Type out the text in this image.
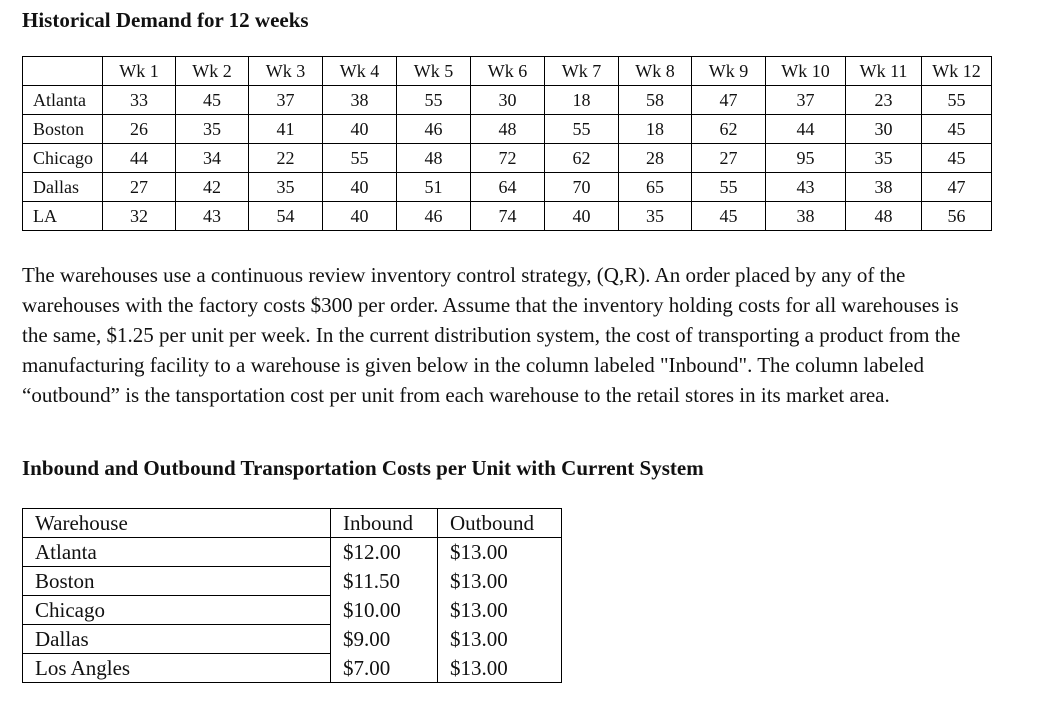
Historical Demand for 12 weeks
	Wk 1	Wk 2	Wk 3	Wk 4	Wk 5	Wk 6	Wk 7	Wk 8	Wk 9	Wk 10	Wk 11	Wk 12
Atlanta	33	45	37	38	55	30	18	58	47	37	23	55
Boston	26	35	41	40	46	48	55	18	62	44	30	45
Chicago	44	34	22	55	48	72	62	28	27	95	35	45
Dallas	27	42	35	40	51	64	70	65	55	43	38	47
LA	32	43	54	40	46	74	40	35	45	38	48	56

The warehouses use a continuous review inventory control strategy, (Q,R). An order placed by any of the warehouses with the factory costs $300 per order. Assume that the inventory holding costs for all warehouses is the same, $1.25 per unit per week. In the current distribution system, the cost of transporting a product from the manufacturing facility to a warehouse is given below in the column labeled "Inbound". The column labeled “outbound” is the tansportation cost per unit from each warehouse to the retail stores in its market area.

Inbound and Outbound Transportation Costs per Unit with Current System
Warehouse	Inbound	Outbound
Atlanta	$12.00	$13.00
Boston	$11.50	$13.00
Chicago	$10.00	$13.00
Dallas	$9.00	$13.00
Los Angles	$7.00	$13.00
